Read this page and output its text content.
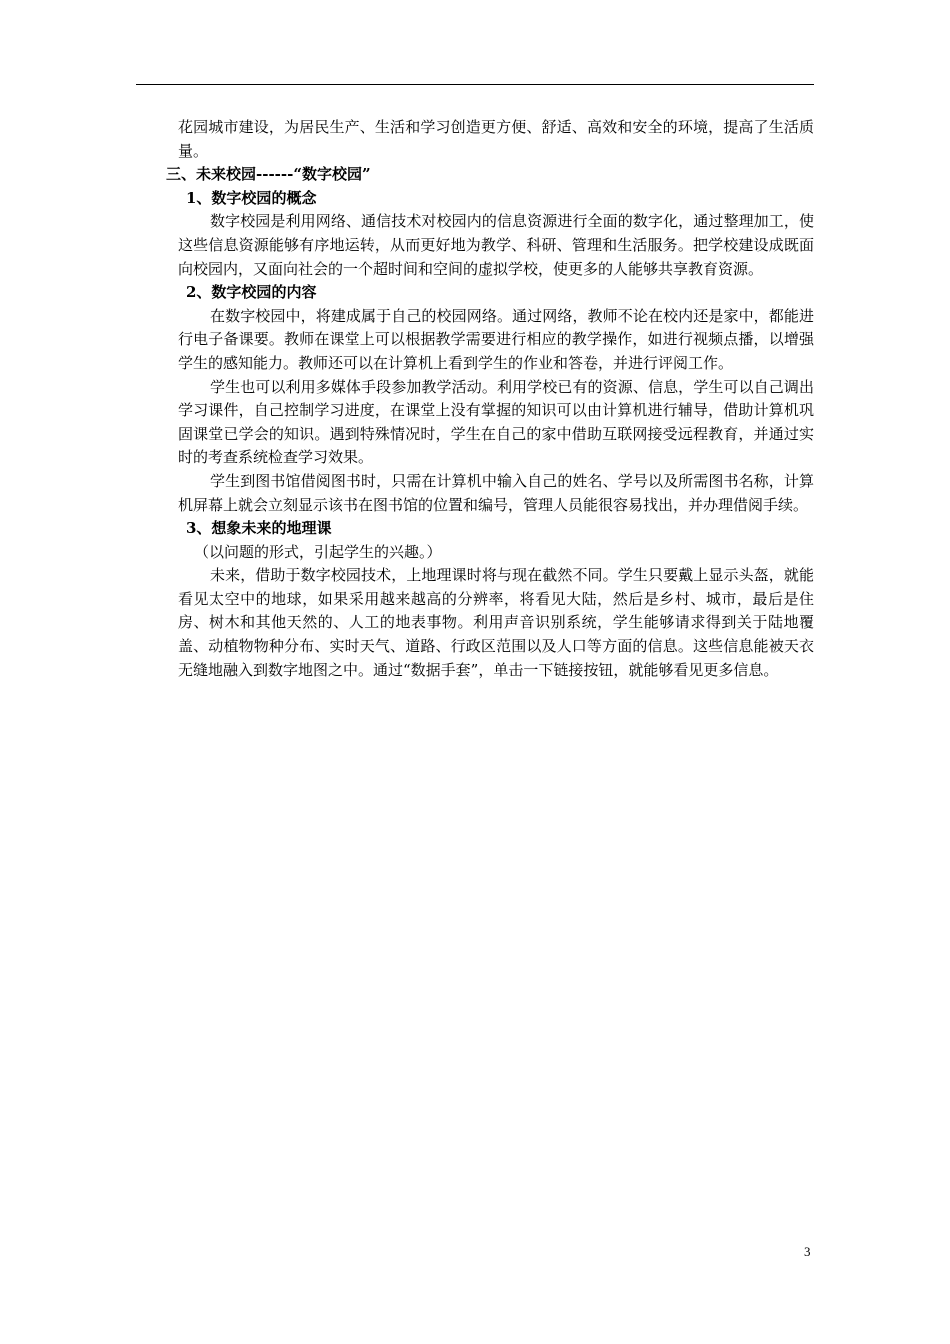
花园城市建设，为居民生产、生活和学习创造更方便、舒适、高效和安全的环境，提高了生活质量。

三、未来校园------“数字校园”

1、数字校园的概念

数字校园是利用网络、通信技术对校园内的信息资源进行全面的数字化，通过整理加工，使这些信息资源能够有序地运转，从而更好地为教学、科研、管理和生活服务。把学校建设成既面向校园内，又面向社会的一个超时间和空间的虚拟学校，使更多的人能够共享教育资源。

2、数字校园的内容

在数字校园中，将建成属于自己的校园网络。通过网络，教师不论在校内还是家中，都能进行电子备课要。教师在课堂上可以根据教学需要进行相应的教学操作，如进行视频点播，以增强学生的感知能力。教师还可以在计算机上看到学生的作业和答卷，并进行评阅工作。

学生也可以利用多媒体手段参加教学活动。利用学校已有的资源、信息，学生可以自己调出学习课件，自己控制学习进度，在课堂上没有掌握的知识可以由计算机进行辅导，借助计算机巩固课堂已学会的知识。遇到特殊情况时，学生在自己的家中借助互联网接受远程教育，并通过实时的考查系统检查学习效果。

学生到图书馆借阅图书时，只需在计算机中输入自己的姓名、学号以及所需图书名称，计算机屏幕上就会立刻显示该书在图书馆的位置和编号，管理人员能很容易找出，并办理借阅手续。

3、想象未来的地理课

（以问题的形式，引起学生的兴趣。）

未来，借助于数字校园技术，上地理课时将与现在截然不同。学生只要戴上显示头盔，就能看见太空中的地球，如果采用越来越高的分辨率，将看见大陆，然后是乡村、城市，最后是住房、树木和其他天然的、人工的地表事物。利用声音识别系统，学生能够请求得到关于陆地覆盖、动植物物种分布、实时天气、道路、行政区范围以及人口等方面的信息。这些信息能被天衣无缝地融入到数字地图之中。通过“数据手套”，单击一下链接按钮，就能够看见更多信息。

3
